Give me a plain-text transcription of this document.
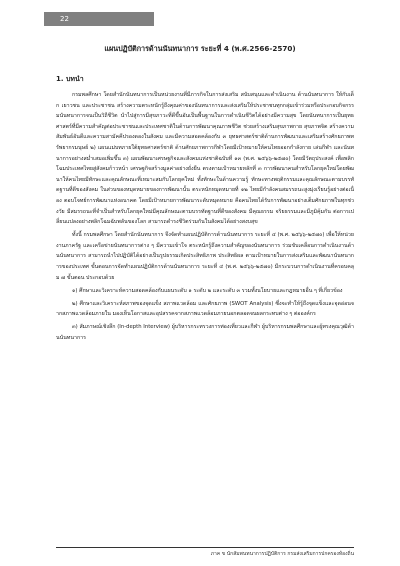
22
แผนปฏิบัติการด้านนันทนาการ ระยะที่ 4 (พ.ศ.2566-2570)
1. บทนำ

กรมพลศึกษา โดยสำนักนันทนาการเป็นหน่วยงานที่มีภารกิจในการส่งเสริม สนับสนุนและดำเนินงาน ด้านนันทนาการ ให้กับเด็ก เยาวชน และประชาชน สร้างความตระหนักรู้ถึงคุณค่าของนันทนาการและส่งเสริมให้ประชาชนทุกกลุ่มเข้าร่วมหรือประกอบกิจกรรมนันทนาการจนเป็นวิถีชีวิต นำไปสู่การมีสุขภาวะที่ดีขึ้นอันเป็นพื้นฐานในการดำเนินชีวิตได้อย่างมีความสุข โดยนันทนาการเป็นยุทธศาสตร์ที่มีความสำคัญต่อประชาชนและประเทศชาติในด้านการพัฒนาคุณภาพชีวิต ช่วยสร้างเสริมสุขภาพกาย สุขภาพจิต สร้างความสัมพันธ์อันดีและความสามัคคีปรองดองในสังคม และมีความสอดคล้องกับ ๓ ยุทธศาสตร์ชาติด้านการพัฒนาและเสริมสร้างศักยภาพทรัพยากรมนุษย์ ๒) แผนแม่บทภายใต้ยุทธศาสตร์ชาติ ด้านศักยภาพการกีฬาโดยมีเป้าหมายให้คนไทยออกกำลังกาย เล่นกีฬา และนันทนาการอย่างสม่ำเสมอเพิ่มขึ้น ๓) แผนพัฒนาเศรษฐกิจและสังคมแห่งชาติฉบับที่ ๑๓ (พ.ศ. ๒๕๖๖-๒๕๗๐) โดยมีวัตถุประสงค์ เพื่อพลิกโฉมประเทศไทยสู่สังคมก้าวหน้า เศรษฐกิจสร้างมูลค่าอย่างยั่งยืน ตรงตามเป้าหมายหลักที่ ๓ การพัฒนาคนสำหรับโลกยุคใหม่โดยพัฒนาให้คนไทยมีทักษะและคุณลักษณะที่เหมาะสมกับโลกยุคใหม่ ทั้งทักษะในด้านความรู้ ทักษะทางพฤติกรรมและคุณลักษณะตามบรรทัดฐานที่ดีของสังคม ในส่วนของหมุดหมายของการพัฒนานั้น ตระหนักหมุดหมายที่ ๑๒ ไทยมีกำลังคนสมรรถนะสูงมุ่งเรียนรู้อย่างต่อเนื่อง ตอบโจทย์การพัฒนาแห่งอนาคต โดยมีเป้าหมายการพัฒนาระดับหมุดหมาย คือคนไทยได้รับการพัฒนาอย่างเต็มศักยภาพในทุกช่วงวัย มีสมรรถนะที่จำเป็นสำหรับโลกยุคใหม่มีคุณลักษณะตามบรรทัดฐานที่ดีของสังคม มีคุณธรรม จริยธรรมและมีภูมิคุ้มกัน ต่อการเปลี่ยนแปลงอย่างพลิกโฉมฉับพลันของโลก สามารถดำรงชีวิตร่วมกันในสังคมได้อย่างสงบสุข

ทั้งนี้ กรมพลศึกษา โดยสำนักนันทนาการ จึงจัดทำแผนปฏิบัติการด้านนันทนาการ ระยะที่ ๔ (พ.ศ. ๒๕๖๖-๒๕๗๐) เพื่อให้หน่วยงานภาครัฐ และเครือข่ายนันทนาการต่าง ๆ มีความเข้าใจ ตระหนักรู้ถึงความสำคัญของนันทนาการ ร่วมขับเคลื่อนการดำเนินงานด้านนันทนาการ สามารถนำไปปฏิบัติได้อย่างเป็นรูปธรรมเกิดประสิทธิภาพ ประสิทธิผล ตามเป้าหมายในการส่งเสริมและพัฒนานันทนาการของประเทศ ขั้นตอนการจัดทำแผนปฏิบัติการด้านนันทนาการ ระยะที่ ๔ (พ.ศ. ๒๕๖๖-๒๕๗๐) มีกระบวนการดำเนินงานที่ครอบคลุม ๗ ขั้นตอน ประกอบด้วย

๑) ศึกษาและวิเคราะห์ความสอดคล้องกับแผนระดับ ๑ ระดับ ๒ และระดับ ๓ รวมทั้งนโยบายและกฎหมายอื่น ๆ ที่เกี่ยวข้อง

๒) ศึกษาและวิเคราะห์สภาพของจุดแข็ง สภาพแวดล้อม และศักยภาพ (SWOT Analysis) ซึ่งจะทำให้รู้ถึงจุดแข็งและจุดอ่อนจากสภาพแวดล้อมภายใน มองเห็นโอกาสและอุปสรรคจากสภาพแวดล้อมภายนอกตลอดจนผลกระทบต่าง ๆ ต่อองค์กร

๓) สัมภาษณ์เชิงลึก (In-depth Interview) ผู้บริหารกระทรวงการท่องเที่ยวและกีฬา ผู้บริหารกรมพลศึกษาและผู้ทรงคุณวุฒิด้านนันทนาการ

ภาค ข นักสัมพนทนาการปฏิบัติการ กรมส่งเสริมการปกครองท้องถิ่น
